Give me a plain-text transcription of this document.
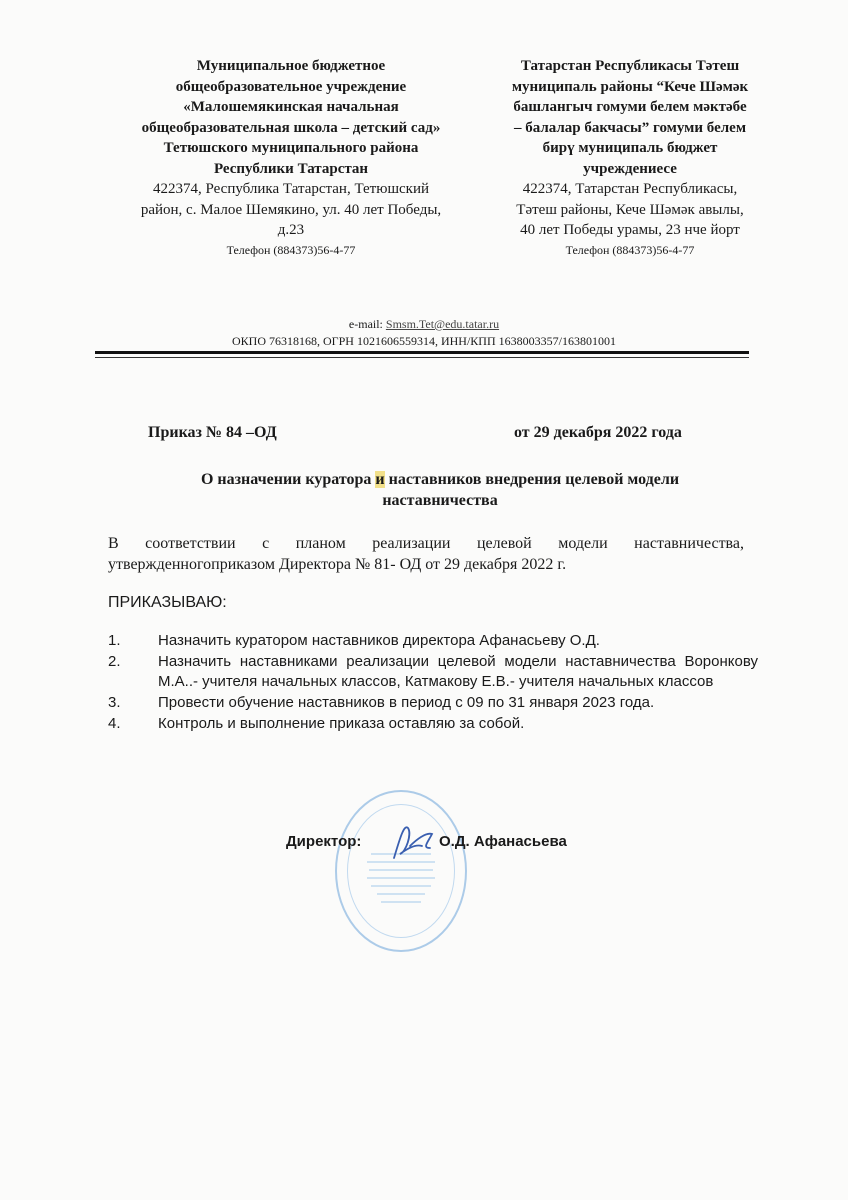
Муниципальное бюджетное
общеобразовательное учреждение
«Малошемякинская начальная
общеобразовательная школа – детский сад»
Тетюшского муниципального района
Республики Татарстан
422374, Республика Татарстан, Тетюшский
район, с. Малое Шемякино, ул. 40 лет Победы,
д.23
Телефон (884373)56-4-77
Татарстан Республикасы Тәтеш
муниципаль районы “Кече Шәмәк
башлангыч гомуми белем мәктәбе
– балалар бакчасы” гомуми белем
бирү муниципаль бюджет
учреждениесе
422374, Татарстан Республикасы,
Тәтеш районы, Кече Шәмәк авылы,
40 лет Победы урамы, 23 нче йорт
Телефон (884373)56-4-77
e-mail: Smsm.Tet@edu.tatar.ru
ОКПО 76318168, ОГРН 1021606559314, ИНН/КПП 1638003357/163801001
Приказ № 84 –ОД	от 29 декабря 2022 года
О назначении куратора и наставников внедрения целевой модели наставничества
В соответствии с планом реализации целевой модели наставничества, утвержденногоприказом Директора № 81- ОД от 29 декабря 2022 г.
ПРИКАЗЫВАЮ:
1. Назначить куратором наставников директора Афанасьеву О.Д.
2. Назначить наставниками реализации целевой модели наставничества Воронкову М.А..- учителя начальных классов, Катмакову Е.В.- учителя начальных классов
3. Провести обучение наставников в период с 09 по 31 января 2023 года.
4. Контроль и выполнение приказа оставляю за собой.
Директор:	О.Д. Афанасьева
